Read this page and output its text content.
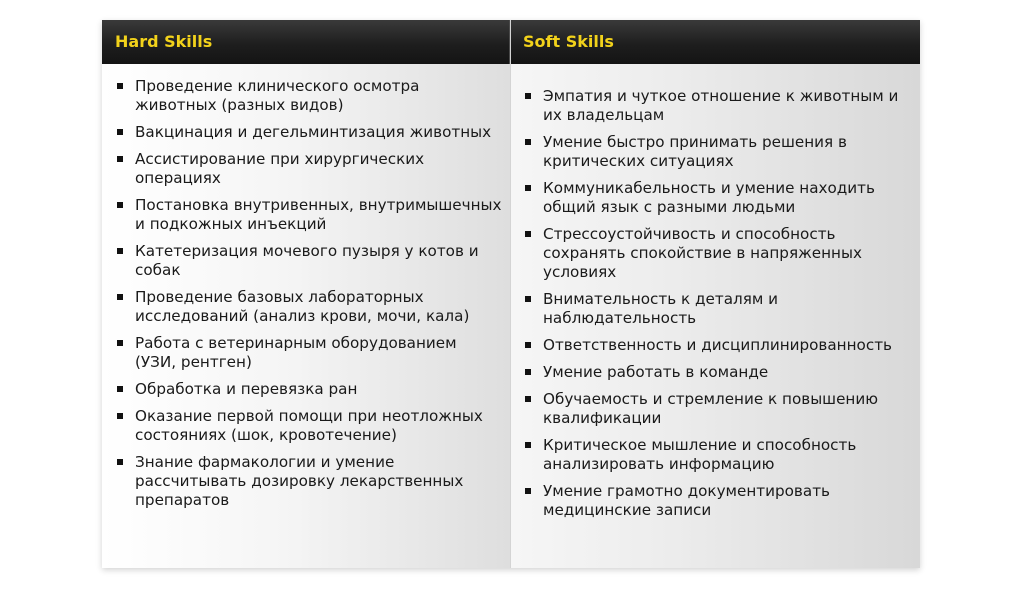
Hard Skills
Проведение клинического осмотра животных (разных видов)
Вакцинация и дегельминтизация животных
Ассистирование при хирургических операциях
Постановка внутривенных, внутримышечных и подкожных инъекций
Катетеризация мочевого пузыря у котов и собак
Проведение базовых лабораторных исследований (анализ крови, мочи, кала)
Работа с ветеринарным оборудованием (УЗИ, рентген)
Обработка и перевязка ран
Оказание первой помощи при неотложных состояниях (шок, кровотечение)
Знание фармакологии и умение рассчитывать дозировку лекарственных препаратов
Soft Skills
Эмпатия и чуткое отношение к животным и их владельцам
Умение быстро принимать решения в критических ситуациях
Коммуникабельность и умение находить общий язык с разными людьми
Стрессоустойчивость и способность сохранять спокойствие в напряженных условиях
Внимательность к деталям и наблюдательность
Ответственность и дисциплинированность
Умение работать в команде
Обучаемость и стремление к повышению квалификации
Критическое мышление и способность анализировать информацию
Умение грамотно документировать медицинские записи
